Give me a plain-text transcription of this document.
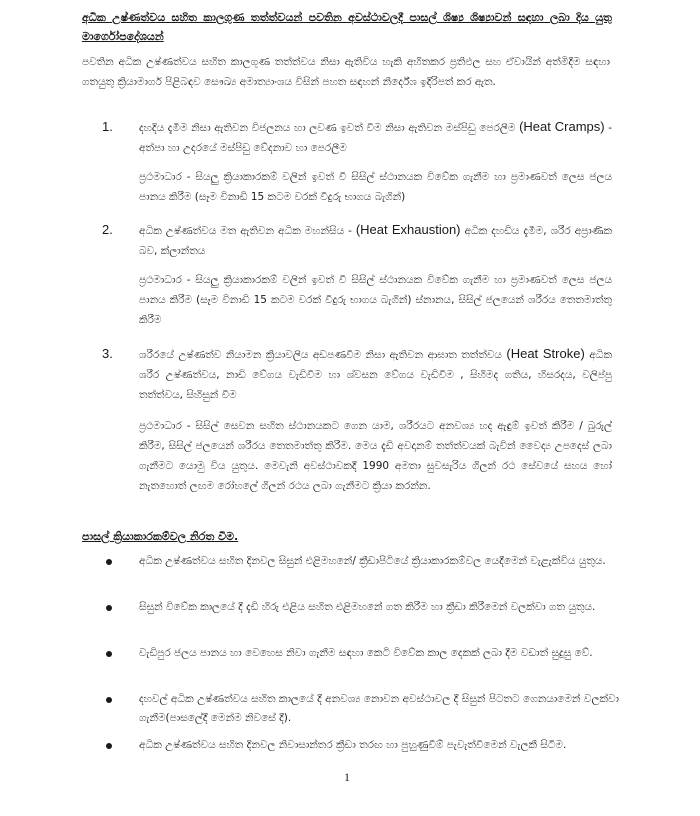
අධික උෂ්ණත්වය සහිත කාලගුණ තත්ත්වයන් පවතින අවස්ථාවලදී පාසල් ශිෂ්‍ය ශිෂ්‍යාවන් සඳහා ලබා දිය යුතු මාර්ගෝපදේශයන්
පවතින අධික උෂ්ණත්වය සහිත කාලගුණ තත්ත්වය නිසා ඇතිවිය හැකි අහිතකර ප්‍රතිඵල සහ ඒවායින් අත්මිදීම සඳහා ගතයුතු ක්‍රියාමාර්ග පිළිබඳව සෞඛ්‍ය අමාත්‍යාංශය විසින් පහත සඳහන් නිර්දේශ ඉදිරිපත් කර ඇත.
1. දහදිය දැමීම නිසා ඇතිවන විජලනය හා ලවණ ඉවත් වීම නිසා ඇතිවන මස්පිඩු පෙරලීම (Heat Cramps) - අත්පා හා උදරයේ මස්පිඩු වේදනාව හා පෙරලීම
ප්‍රථමාධාර - සියලු ක්‍රියාකාරකම් වලින් ඉවත් වී සිසිල් ස්ථානයක විවේක ගැනීම හා ප්‍රමාණවත් ලෙස ජලය පානය කිරීම (සෑම විනාඩි 15 කටම වරක් වීදුරු භාගය බැගින්)
2. අධික උෂ්ණත්වය මත ඇතිවන අධික මහන්සිය - (Heat Exhaustion) අධික දහඩිය දැමීම, ශරීර අප්‍රාණික බව, ක්ලාන්තය
ප්‍රථමාධාර - සියලු ක්‍රියාකාරකම් වලින් ඉවත් වී සිසිල් ස්ථානයක විවේක ගැනීම හා ප්‍රමාණවත් ලෙස ජලය පානය කිරීම (සෑම විනාඩි 15 කටම වරක් වීදුරු භාගය බැගින්) ස්නානය, සිසිල් ජලයෙන් ශරීරය තෙතමාත්තු කිරීම
3. ශරීරයේ උෂ්ණත්ව නියාමන ක්‍රියාවලිය අඩපණවීම නිසා ඇතිවන ආඝාත තත්ත්වය (Heat Stroke) අධික ශරීර උෂ්ණත්වය, නාඩි වේගය වැඩිවීම හා ශ්වසන වේගය වැඩිවීම , සිහිමද ගතිය, හිසරදය, වලිප්පු තත්ත්වය, සිහිසුන් වීම
ප්‍රථමාධාර - සිසිල් සෙවන සහිත ස්ථානයකට ගෙන යාම, ශරීරයට අනවශ්‍ය හද ඇඳුම් ඉවත් කිරීම / බුරුල් කිරීම, සිසිල් ජලයෙන් ශරීරය තෙතමාත්තු කිරීම. මෙය දැඩි අවදානම් තත්ත්වයක් බැවින් වෛද්‍ය උපදෙස් ලබා ගැනීමට යොමු විය යුතුය. මෙවැනි අවස්ථාවකදී 1990 අමතා සුවසැරිය ගිලන් රථ සේවයේ සහය හෝ නැතහොත් ලඟම රෝහලේ ගිලන් රථය ලබා ගැනීමට ක්‍රියා කරන්න.
පාසල් ක්‍රියාකාරකම්වල නිරත වීම.
අධික උෂ්ණත්වය සහිත දිනවල සිසුන් එළිමහනේ/ ක්‍රීඩාපිටියේ ක්‍රියාකාරකම්වල යෙදීමෙන් වැළැක්විය යුතුය.
සිසුන් විවේක කාලයේ දී දැඩි හිරු එළිය සහිත එළිමහනේ ගත කිරීම හා ක්‍රීඩා කිරීමෙන් වලක්වා ගත යුතුය.
වැඩිපුර ජලය පානය හා වෙහෙස නිවා ගැනීම සඳහා කෙටි විවේක කාල දෙකක් ලබා දීම වඩාත් සුදුසු වේ.
දහවල් අධික උෂ්ණත්වය සහිත කාලයේ දී අනවශ්‍ය නොවන අවස්ථාවල දී සිසුන් පිටතට ගෙනයාමෙන් වලක්වා ගැනීම(පාසලේදී මෙන්ම නිවසේ දී).
අධික උෂ්ණත්වය සහිත දිනවල නිවාසාන්තර ක්‍රීඩා තරඟ හා පුහුණුවීම් පැවැත්වීමෙන් වැලකී සිටීම.
1
